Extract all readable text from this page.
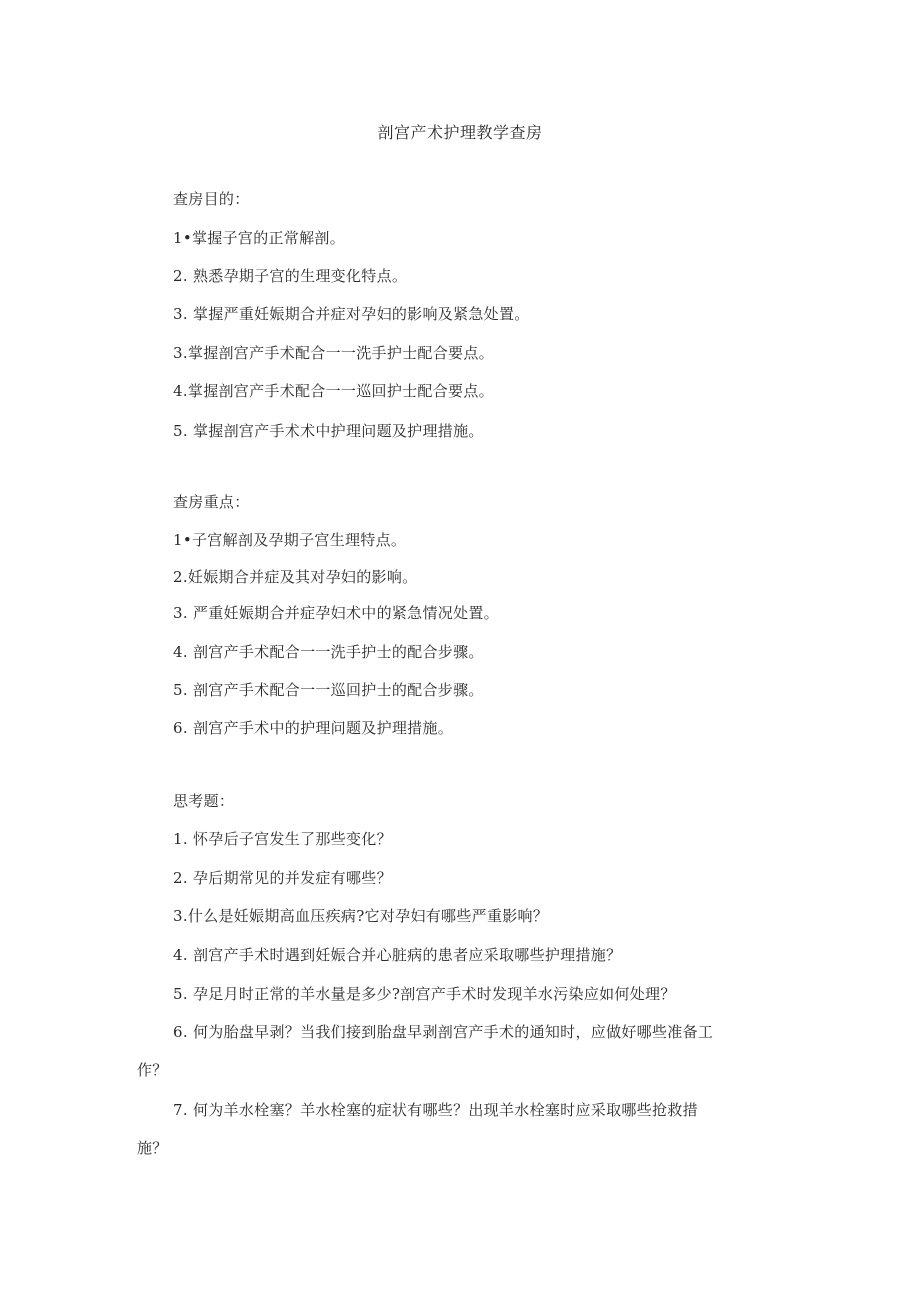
剖宫产术护理教学查房
查房目的：
1•掌握子宫的正常解剖。
2. 熟悉孕期子宫的生理变化特点。
3. 掌握严重妊娠期合并症对孕妇的影响及紧急处置。
3.掌握剖宫产手术配合一一洗手护士配合要点。
4.掌握剖宫产手术配合一一巡回护士配合要点。
5. 掌握剖宫产手术术中护理问题及护理措施。
查房重点：
1•子宫解剖及孕期子宫生理特点。
2.妊娠期合并症及其对孕妇的影响。
3. 严重妊娠期合并症孕妇术中的紧急情况处置。
4. 剖宫产手术配合一一洗手护士的配合步骤。
5. 剖宫产手术配合一一巡回护士的配合步骤。
6. 剖宫产手术中的护理问题及护理措施。
思考题：
1. 怀孕后子宫发生了那些变化？
2. 孕后期常见的并发症有哪些？
3.什么是妊娠期高血压疾病?它对孕妇有哪些严重影响？
4. 剖宫产手术时遇到妊娠合并心脏病的患者应采取哪些护理措施？
5. 孕足月时正常的羊水量是多少?剖宫产手术时发现羊水污染应如何处理？
6. 何为胎盘早剥？当我们接到胎盘早剥剖宫产手术的通知时，应做好哪些准备工
作？
7. 何为羊水栓塞？羊水栓塞的症状有哪些？出现羊水栓塞时应采取哪些抢救措
施？
